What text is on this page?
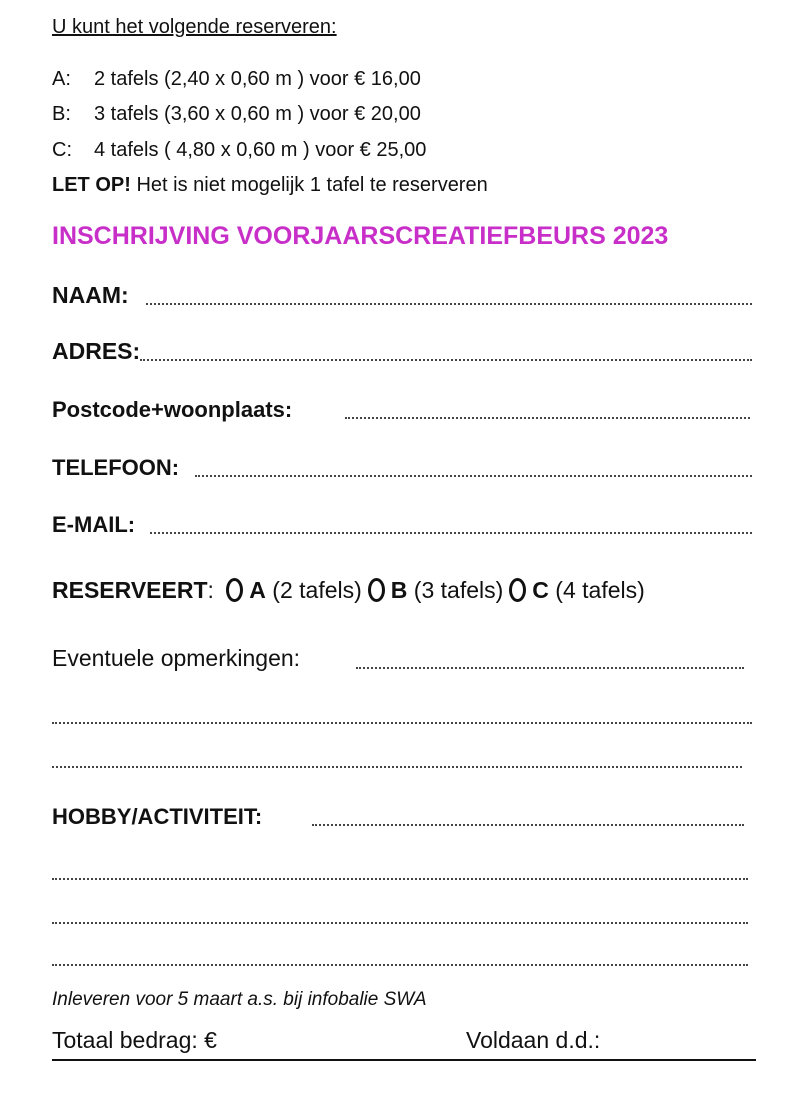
U kunt het volgende reserveren:
A: 2 tafels (2,40 x 0,60 m ) voor € 16,00
B: 3 tafels (3,60 x 0,60 m ) voor € 20,00
C: 4 tafels ( 4,80 x 0,60 m ) voor € 25,00
LET OP! Het is niet mogelijk 1 tafel te reserveren
INSCHRIJVING VOORJAARSCREATIEFBEURS 2023
NAAM:
ADRES:
Postcode+woonplaats:
TELEFOON:
E-MAIL:
RESERVEERT: A (2 tafels) B (3 tafels) C (4 tafels)
Eventuele opmerkingen:
HOBBY/ACTIVITEIT:
Inleveren voor 5 maart a.s. bij infobalie SWA
Totaal bedrag: €	Voldaan d.d.:
